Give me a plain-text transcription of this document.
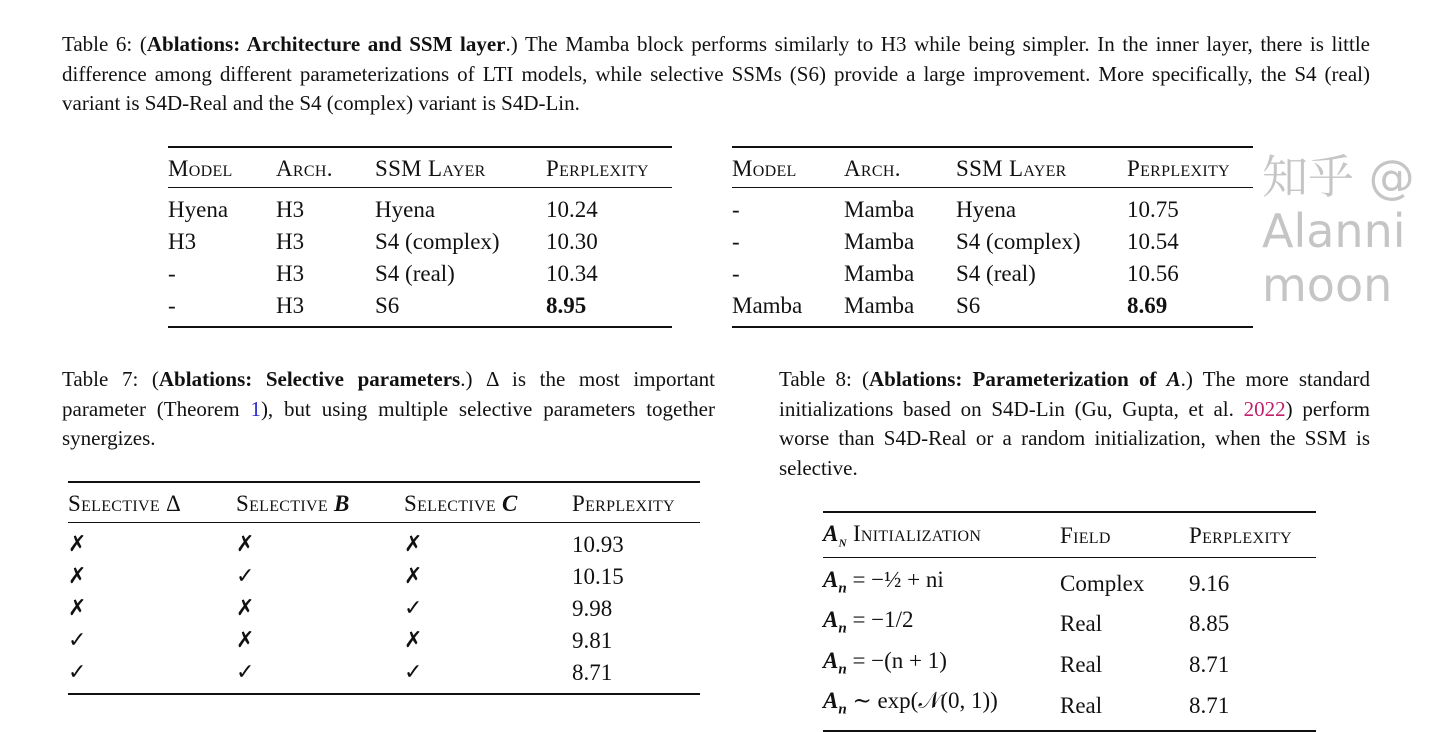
Table 6: (Ablations: Architecture and SSM layer.) The Mamba block performs similarly to H3 while being simpler. In the inner layer, there is little difference among different parameterizations of LTI models, while selective SSMs (S6) provide a large improvement. More specifically, the S4 (real) variant is S4D-Real and the S4 (complex) variant is S4D-Lin.
Model	Arch.	SSM Layer	Perplexity
Hyena	H3	Hyena	10.24
H3	H3	S4 (complex)	10.30
-	H3	S4 (real)	10.34
-	H3	S6	8.95
Model	Arch.	SSM Layer	Perplexity
-	Mamba	Hyena	10.75
-	Mamba	S4 (complex)	10.54
-	Mamba	S4 (real)	10.56
Mamba	Mamba	S6	8.69
Table 7: (Ablations: Selective parameters.) Δ is the most important parameter (Theorem 1), but using multiple selective parameters together synergizes.
Selective Δ	Selective B	Selective C	Perplexity
✗	✗	✗	10.93
✗	✓	✗	10.15
✗	✗	✓	9.98
✓	✗	✗	9.81
✓	✓	✓	8.71
Table 8: (Ablations: Parameterization of A.) The more standard initializations based on S4D-Lin (Gu, Gupta, et al. 2022) perform worse than S4D-Real or a random initialization, when the SSM is selective.
$A_n$ Initialization	Field	Perplexity
$A_n$ = −½ + ni	Complex	9.16
$A_n = -1/2$	Real	8.85
$A_n = -(n + 1)$	Real	8.71
$A_n$ ∼ exp(𝒩(0, 1))	Real	8.71
知乎 @Alannimoon
